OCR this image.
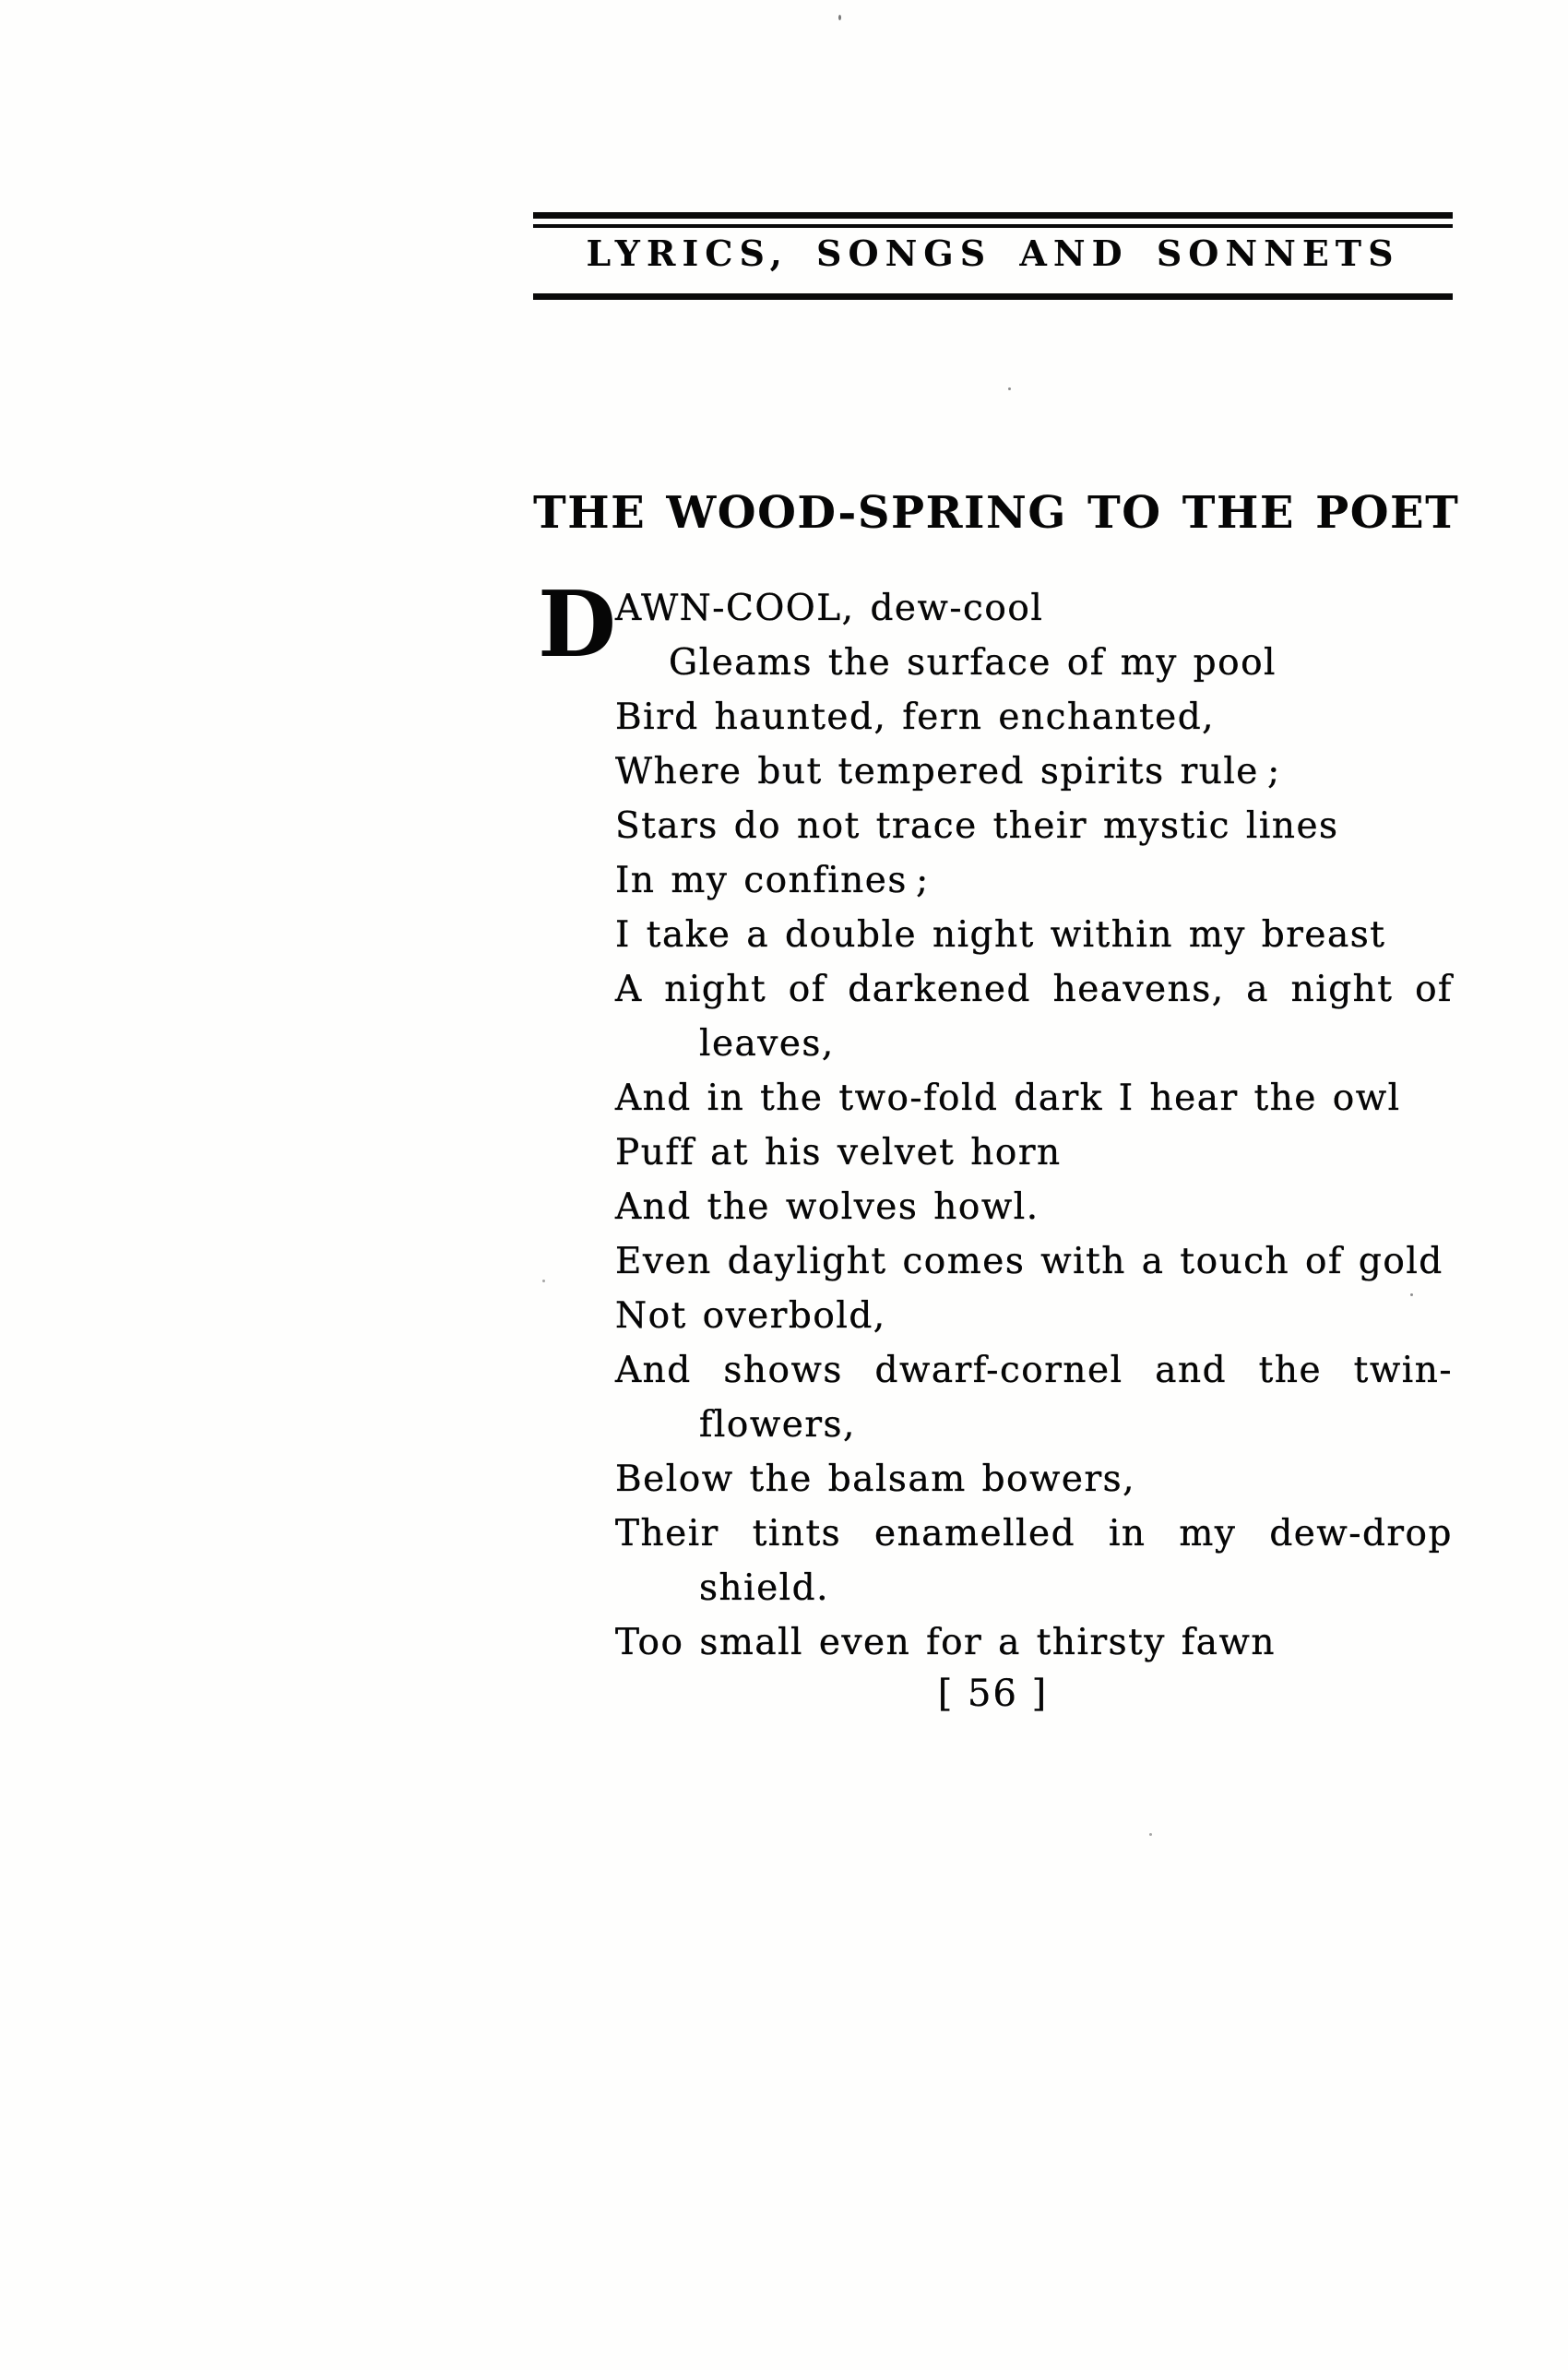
LYRICS, SONGS AND SONNETS
THE WOOD-SPRING TO THE POET
D AWN-COOL, dew-cool
Gleams the surface of my pool
Bird haunted, fern enchanted,
Where but tempered spirits rule ;
Stars do not trace their mystic lines
In my confines ;
I take a double night within my breast
A night of darkened heavens, a night of
leaves,
And in the two-fold dark I hear the owl
Puff at his velvet horn
And the wolves howl.
Even daylight comes with a touch of gold
Not overbold,
And shows dwarf-cornel and the twin-
flowers,
Below the balsam bowers,
Their tints enamelled in my dew-drop
shield.
Too small even for a thirsty fawn
[ 56 ]
